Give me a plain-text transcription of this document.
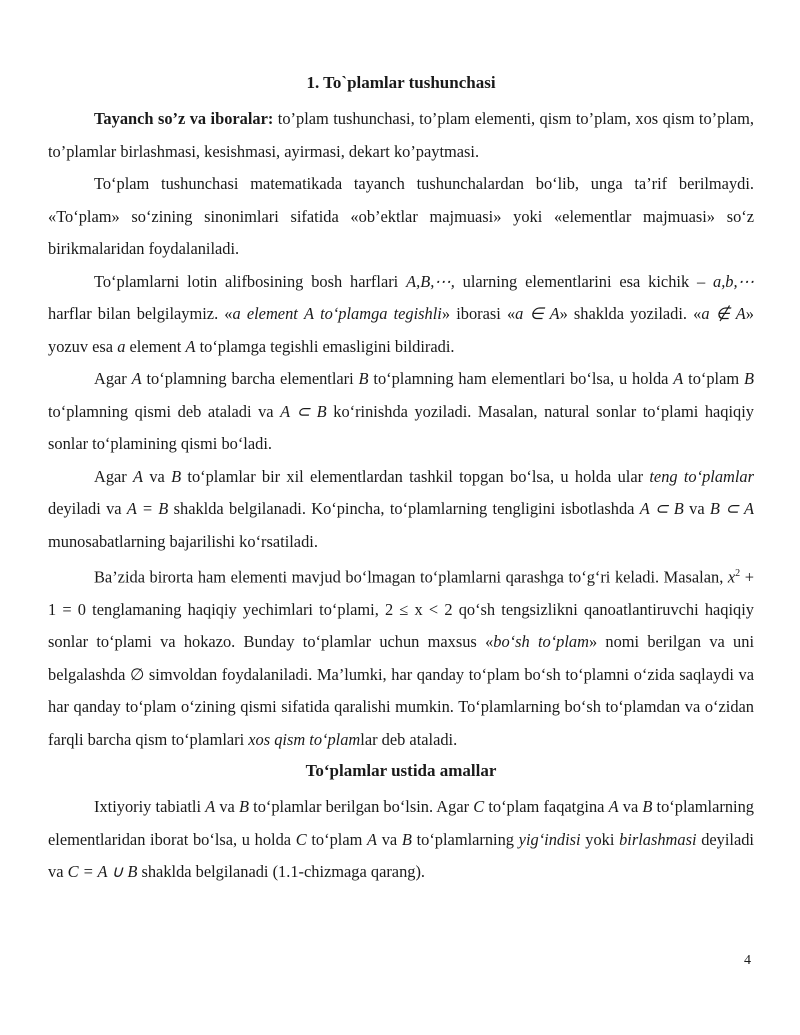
1. To`plamlar tushunchasi

Tayanch so’z va iboralar: to’plam tushunchasi, to’plam elementi, qism to’plam, xos qism to’plam, to’plamlar birlashmasi, kesishmasi, ayirmasi, dekart ko’paytmasi.

To‘plam tushunchasi matematikada tayanch tushunchalardan bo‘lib, unga ta’rif berilmaydi. «To‘plam» so‘zining sinonimlari sifatida «ob’ektlar majmuasi» yoki «elementlar majmuasi» so‘z birikmalaridan foydalaniladi.

To‘plamlarni lotin alifbosining bosh harflari A,B,⋯, ularning elementlarini esa kichik – a,b,⋯ harflar bilan belgilaymiz. «a element A to‘plamga tegishli» iborasi «a ∈ A» shaklda yoziladi. «a ∉ A» yozuv esa a element A to‘plamga tegishli emasligini bildiradi.

Agar A to‘plamning barcha elementlari B to‘plamning ham elementlari bo‘lsa, u holda A to‘plam B to‘plamning qismi deb ataladi va A ⊂ B ko‘rinishda yoziladi. Masalan, natural sonlar to‘plami haqiqiy sonlar to‘plamining qismi bo‘ladi.

Agar A va B to‘plamlar bir xil elementlardan tashkil topgan bo‘lsa, u holda ular teng to‘plamlar deyiladi va A = B shaklda belgilanadi. Ko‘pincha, to‘plamlarning tengligini isbotlashda A ⊂ B va B ⊂ A munosabatlarning bajarilishi ko‘rsatiladi.

Ba’zida birorta ham elementi mavjud bo‘lmagan to‘plamlarni qarashga to‘g‘ri keladi. Masalan, $x^2 + 1 = 0$ tenglamaning haqiqiy yechimlari to‘plami, 2 ≤ x < 2 qo‘sh tengsizlikni qanoatlantiruvchi haqiqiy sonlar to‘plami va hokazo. Bunday to‘plamlar uchun maxsus «bo‘sh to‘plam» nomi berilgan va uni belgalashda ∅ simvoldan foydalaniladi. Ma’lumki, har qanday to‘plam bo‘sh to‘plamni o‘zida saqlaydi va har qanday to‘plam o‘zining qismi sifatida qaralishi mumkin. To‘plamlarning bo‘sh to‘plamdan va o‘zidan farqli barcha qism to‘plamlari xos qism to‘plamlar deb ataladi.

To‘plamlar ustida amallar

Ixtiyoriy tabiatli A va B to‘plamlar berilgan bo‘lsin. Agar C to‘plam faqatgina A va B to‘plamlarning elementlaridan iborat bo‘lsa, u holda C to‘plam A va B to‘plamlarning yig‘indisi yoki birlashmasi deyiladi va C = A ∪ B shaklda belgilanadi (1.1-chizmaga qarang).

4
